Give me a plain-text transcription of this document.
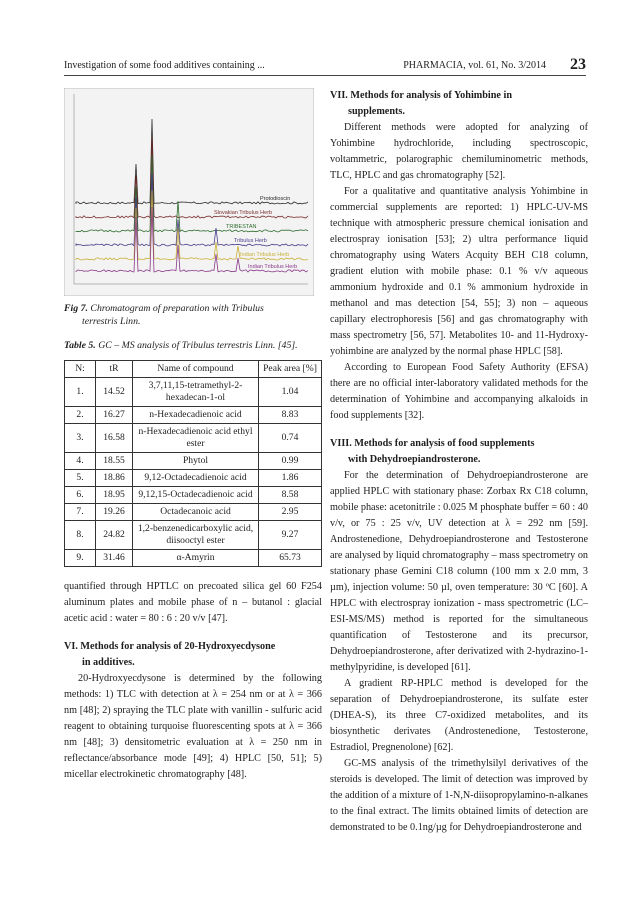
Investigation of some food additives containing ...	PHARMACIA, vol. 61, No. 3/2014 23
Protodioscin
Slovakian Tribulus Herb
TRIBESTAN
Tribulus Herb
Indian Tribulus Herb
Indian Tribulus Herb
Fig 7. Chromatogram of preparation with Tribulus
terrestris Linn.
Table 5. GC – MS analysis of Tribulus terrestris Linn. [45].
N:	tR	Name of compound	Peak area [%]
1.	14.52	3,7,11,15-tetramethyl-2-hexadecan-1-ol	1.04
2.	16.27	n-Hexadecadienoic acid	8.83
3.	16.58	n-Hexadecadienoic acid ethyl ester	0.74
4.	18.55	Phytol	0.99
5.	18.86	9,12-Octadecadienoic acid	1.86
6.	18.95	9,12,15-Octadecadienoic acid	8.58
7.	19.26	Octadecanoic acid	2.95
8.	24.82	1,2-benzenedicarboxylic acid, diisooctyl ester	9.27
9.	31.46	α-Amyrin	65.73

quantified through HPTLC on precoated silica gel 60 F254 aluminum plates and mobile phase of n – butanol : glacial acetic acid : water = 80 : 6 : 20 v/v [47].

VI. Methods for analysis of 20-Hydroxyecdysone
in additives.

20-Hydroxyecdysone is determined by the following methods: 1) TLC with detection at λ = 254 nm or at λ = 366 nm [48]; 2) spraying the TLC plate with vanillin - sulfuric acid reagent to obtaining turquoise fluorescenting spots at λ = 366 nm [48]; 3) densitometric evaluation at λ = 250 nm in reflectance/absorbance mode [49]; 4) HPLC [50, 51]; 5) micellar electrokinetic chromatography [48].

VII. Methods for analysis of Yohimbine in
supplements.

Different methods were adopted for analyzing of Yohimbine hydrochloride, including spectroscopic, voltammetric, polarographic chemiluminometric methods, TLC, HPLC and gas chromatography [52].

For a qualitative and quantitative analysis Yohimbine in commercial supplements are reported: 1) HPLC-UV-MS technique with atmospheric pressure chemical ionisation and electrospray ionisation [53]; 2) ultra performance liquid chromatography using Waters Acquity BEH C18 column, gradient elution with mobile phase: 0.1 % v/v aqueous ammonium hydroxide and 0.1 % ammonium hydroxide in methanol and mas detection [54, 55]; 3) non – aqueous capillary electrophoresis [56] and gas chromatography with mass spectrometry [56, 57]. Metabolites 10- and 11-Hydroxy-yohimbine are analyzed by the normal phase HPLC [58].

According to European Food Safety Authority (EFSA) there are no official inter-laboratory validated methods for the determination of Yohimbine and accompanying alkaloids in food supplements [32].

VIII. Methods for analysis of food supplements
with Dehydroepiandrosterone.

For the determination of Dehydroepiandrosterone are applied HPLC with stationary phase: Zorbax Rx C18 column, mobile phase: acetonitrile : 0.025 M phosphate buffer = 60 : 40 v/v, or 75 : 25 v/v, UV detection at λ = 292 nm [59]. Androstenedione, Dehydroepiandrosterone and Testosterone are analysed by liquid chromatography – mass spectrometry on stationary phase Gemini C18 column (100 mm x 2.0 mm, 3 µm), injection volume: 50 µl, oven temperature: 30 ºC [60]. A HPLC with electrospray ionization - mass spectrometric (LC–ESI-MS/MS) method is reported for the simultaneous quantification of Testosterone and its precursor, Dehydroepiandrosterone, after derivatized with 2-hydrazino-1-methylpyridine, is developed [61].

A gradient RP-HPLC method is developed for the separation of Dehydroepiandrosterone, its sulfate ester (DHEA-S), its three C7-oxidized metabolites, and its biosynthetic derivates (Androstenedione, Testosterone, Estradiol, Pregnenolone) [62].

GC-MS analysis of the trimethylsilyl derivatives of the steroids is developed. The limit of detection was improved by the addition of a mixture of 1-N,N-diisopropylamino-n-alkanes to the final extract. The limits obtained limits of detection are demonstrated to be 0.1ng/µg for Dehydroepiandrosterone and
